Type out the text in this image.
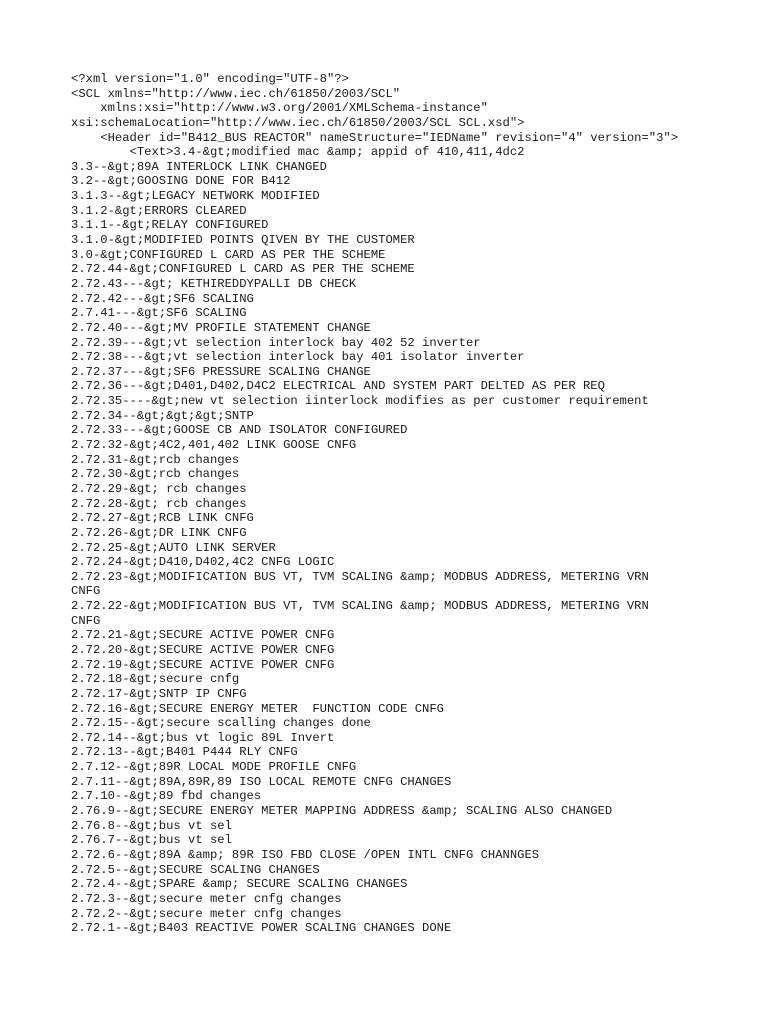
<?xml version="1.0" encoding="UTF-8"?>
<SCL xmlns="http://www.iec.ch/61850/2003/SCL"
xmlns:xsi="http://www.w3.org/2001/XMLSchema-instance"
xsi:schemaLocation="http://www.iec.ch/61850/2003/SCL SCL.xsd">
<Header id="B412_BUS REACTOR" nameStructure="IEDName" revision="4" version="3">
<Text>3.4-&gt;modified mac &amp; appid of 410,411,4dc2
3.3--&gt;89A INTERLOCK LINK CHANGED
3.2--&gt;GOOSING DONE FOR B412
3.1.3--&gt;LEGACY NETWORK MODIFIED
3.1.2-&gt;ERRORS CLEARED
3.1.1--&gt;RELAY CONFIGURED
3.1.0-&gt;MODIFIED POINTS QIVEN BY THE CUSTOMER
3.0-&gt;CONFIGURED L CARD AS PER THE SCHEME
2.72.44-&gt;CONFIGURED L CARD AS PER THE SCHEME
2.72.43---&gt; KETHIREDDYPALLI DB CHECK
2.72.42---&gt;SF6 SCALING
2.7.41---&gt;SF6 SCALING
2.72.40---&gt;MV PROFILE STATEMENT CHANGE
2.72.39---&gt;vt selection interlock bay 402 52 inverter
2.72.38---&gt;vt selection interlock bay 401 isolator inverter
2.72.37---&gt;SF6 PRESSURE SCALING CHANGE
2.72.36---&gt;D401,D402,D4C2 ELECTRICAL AND SYSTEM PART DELTED AS PER REQ
2.72.35----&gt;new vt selection iinterlock modifies as per customer requirement
2.72.34--&gt;&gt;&gt;SNTP
2.72.33---&gt;GOOSE CB AND ISOLATOR CONFIGURED
2.72.32-&gt;4C2,401,402 LINK GOOSE CNFG
2.72.31-&gt;rcb changes
2.72.30-&gt;rcb changes
2.72.29-&gt; rcb changes
2.72.28-&gt; rcb changes
2.72.27-&gt;RCB LINK CNFG
2.72.26-&gt;DR LINK CNFG
2.72.25-&gt;AUTO LINK SERVER
2.72.24-&gt;D410,D402,4C2 CNFG LOGIC
2.72.23-&gt;MODIFICATION BUS VT, TVM SCALING &amp; MODBUS ADDRESS, METERING VRN
CNFG
2.72.22-&gt;MODIFICATION BUS VT, TVM SCALING &amp; MODBUS ADDRESS, METERING VRN
CNFG
2.72.21-&gt;SECURE ACTIVE POWER CNFG
2.72.20-&gt;SECURE ACTIVE POWER CNFG
2.72.19-&gt;SECURE ACTIVE POWER CNFG
2.72.18-&gt;secure cnfg
2.72.17-&gt;SNTP IP CNFG
2.72.16-&gt;SECURE ENERGY METER  FUNCTION CODE CNFG
2.72.15--&gt;secure scalling changes done
2.72.14--&gt;bus vt logic 89L Invert
2.72.13--&gt;B401 P444 RLY CNFG
2.7.12--&gt;89R LOCAL MODE PROFILE CNFG
2.7.11--&gt;89A,89R,89 ISO LOCAL REMOTE CNFG CHANGES
2.7.10--&gt;89 fbd changes
2.76.9--&gt;SECURE ENERGY METER MAPPING ADDRESS &amp; SCALING ALSO CHANGED
2.76.8--&gt;bus vt sel
2.76.7--&gt;bus vt sel
2.72.6--&gt;89A &amp; 89R ISO FBD CLOSE /OPEN INTL CNFG CHANNGES
2.72.5--&gt;SECURE SCALING CHANGES
2.72.4--&gt;SPARE &amp; SECURE SCALING CHANGES
2.72.3--&gt;secure meter cnfg changes
2.72.2--&gt;secure meter cnfg changes
2.72.1--&gt;B403 REACTIVE POWER SCALING CHANGES DONE
